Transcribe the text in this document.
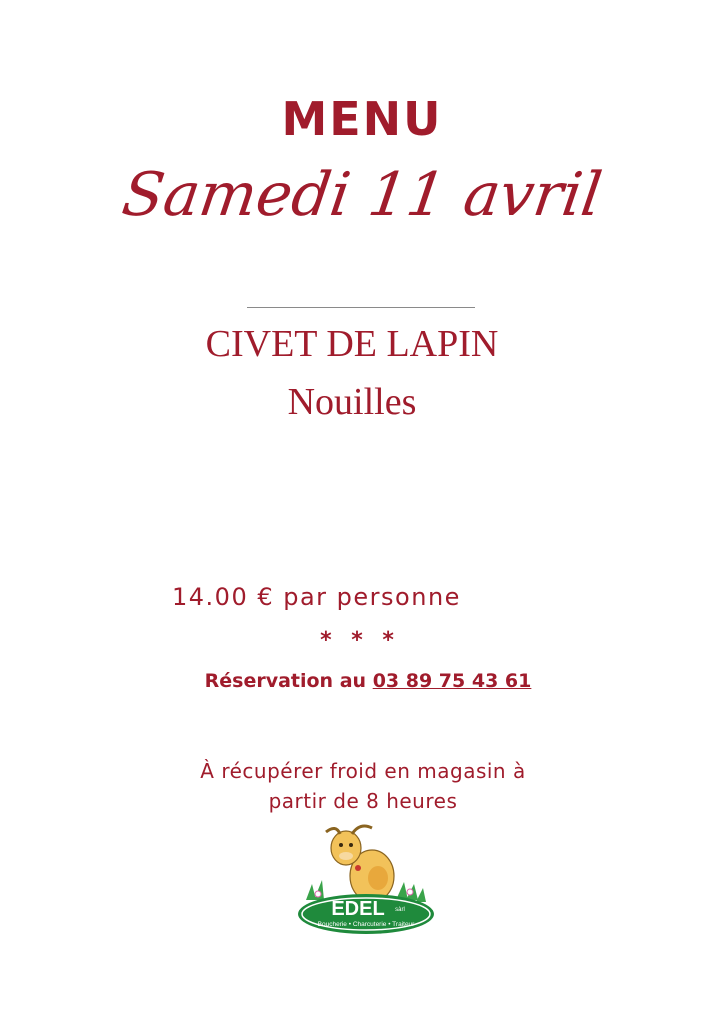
MENU
Samedi 11 avril
CIVET DE LAPIN
Nouilles
14.00 € par personne
* * *
Réservation au 03 89 75 43 61
À récupérer froid en magasin à
partir de 8 heures
EDEL sàrl
Boucherie • Charcuterie • Traiteur
